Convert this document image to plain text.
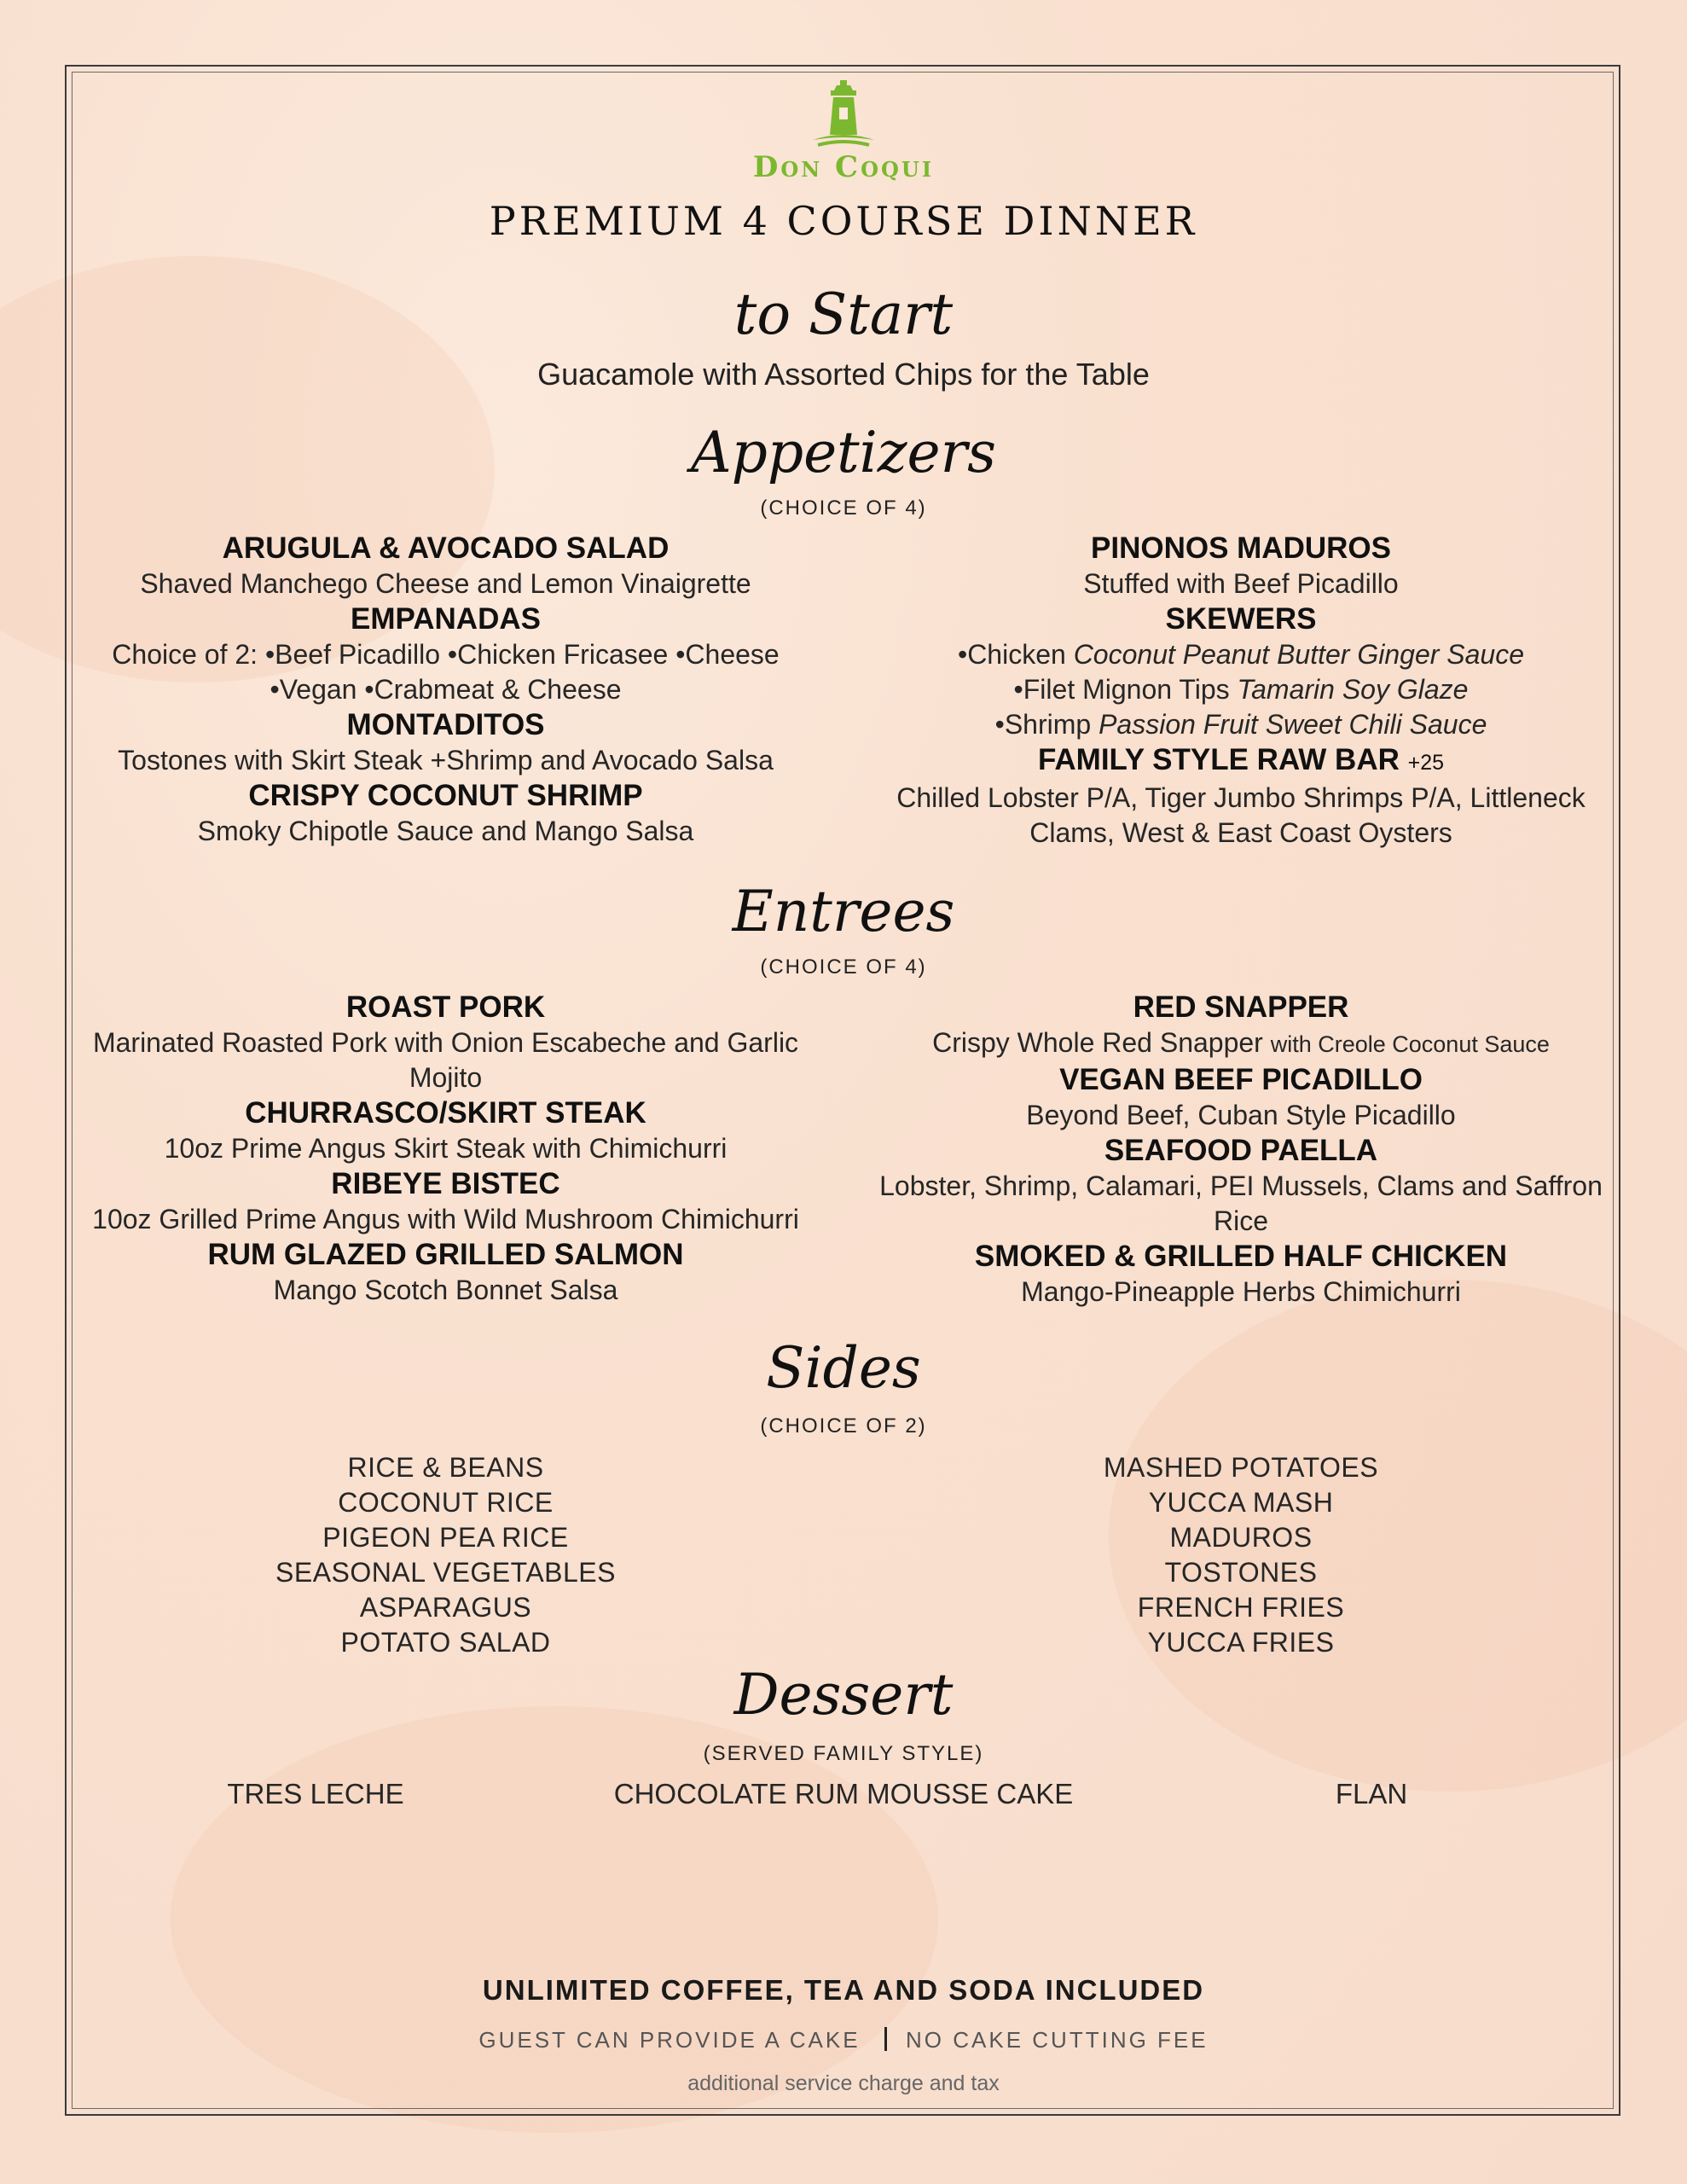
Don Coqui
PREMIUM 4 COURSE DINNER
to Start
Guacamole with Assorted Chips for the Table
Appetizers
(CHOICE OF 4)
ARUGULA & AVOCADO SALAD
Shaved Manchego Cheese and Lemon Vinaigrette
EMPANADAS
Choice of 2: •Beef Picadillo •Chicken Fricasee •Cheese
•Vegan •Crabmeat & Cheese
MONTADITOS
Tostones with Skirt Steak +Shrimp and Avocado Salsa
CRISPY COCONUT SHRIMP
Smoky Chipotle Sauce and Mango Salsa
PINONOS MADUROS
Stuffed with Beef Picadillo
SKEWERS
•Chicken Coconut Peanut Butter Ginger Sauce
•Filet Mignon Tips Tamarin Soy Glaze
•Shrimp Passion Fruit Sweet Chili Sauce
FAMILY STYLE RAW BAR +25
Chilled Lobster P/A, Tiger Jumbo Shrimps P/A, Littleneck
Clams, West & East Coast Oysters
Entrees
(CHOICE OF 4)
ROAST PORK
Marinated Roasted Pork with Onion Escabeche and Garlic
Mojito
CHURRASCO/SKIRT STEAK
10oz Prime Angus Skirt Steak with Chimichurri
RIBEYE BISTEC
10oz Grilled Prime Angus with Wild Mushroom Chimichurri
RUM GLAZED GRILLED SALMON
Mango Scotch Bonnet Salsa
RED SNAPPER
Crispy Whole Red Snapper with Creole Coconut Sauce
VEGAN BEEF PICADILLO
Beyond Beef, Cuban Style Picadillo
SEAFOOD PAELLA
Lobster, Shrimp, Calamari, PEI Mussels, Clams and Saffron
Rice
SMOKED & GRILLED HALF CHICKEN
Mango-Pineapple Herbs Chimichurri
Sides
(CHOICE OF 2)
RICE & BEANS
COCONUT RICE
PIGEON PEA RICE
SEASONAL VEGETABLES
ASPARAGUS
POTATO SALAD
MASHED POTATOES
YUCCA MASH
MADUROS
TOSTONES
FRENCH FRIES
YUCCA FRIES
Dessert
(SERVED FAMILY STYLE)
TRES LECHE	CHOCOLATE RUM MOUSSE CAKE	FLAN
UNLIMITED COFFEE, TEA AND SODA INCLUDED
GUEST CAN PROVIDE A CAKE NO CAKE CUTTING FEE
additional service charge and tax
